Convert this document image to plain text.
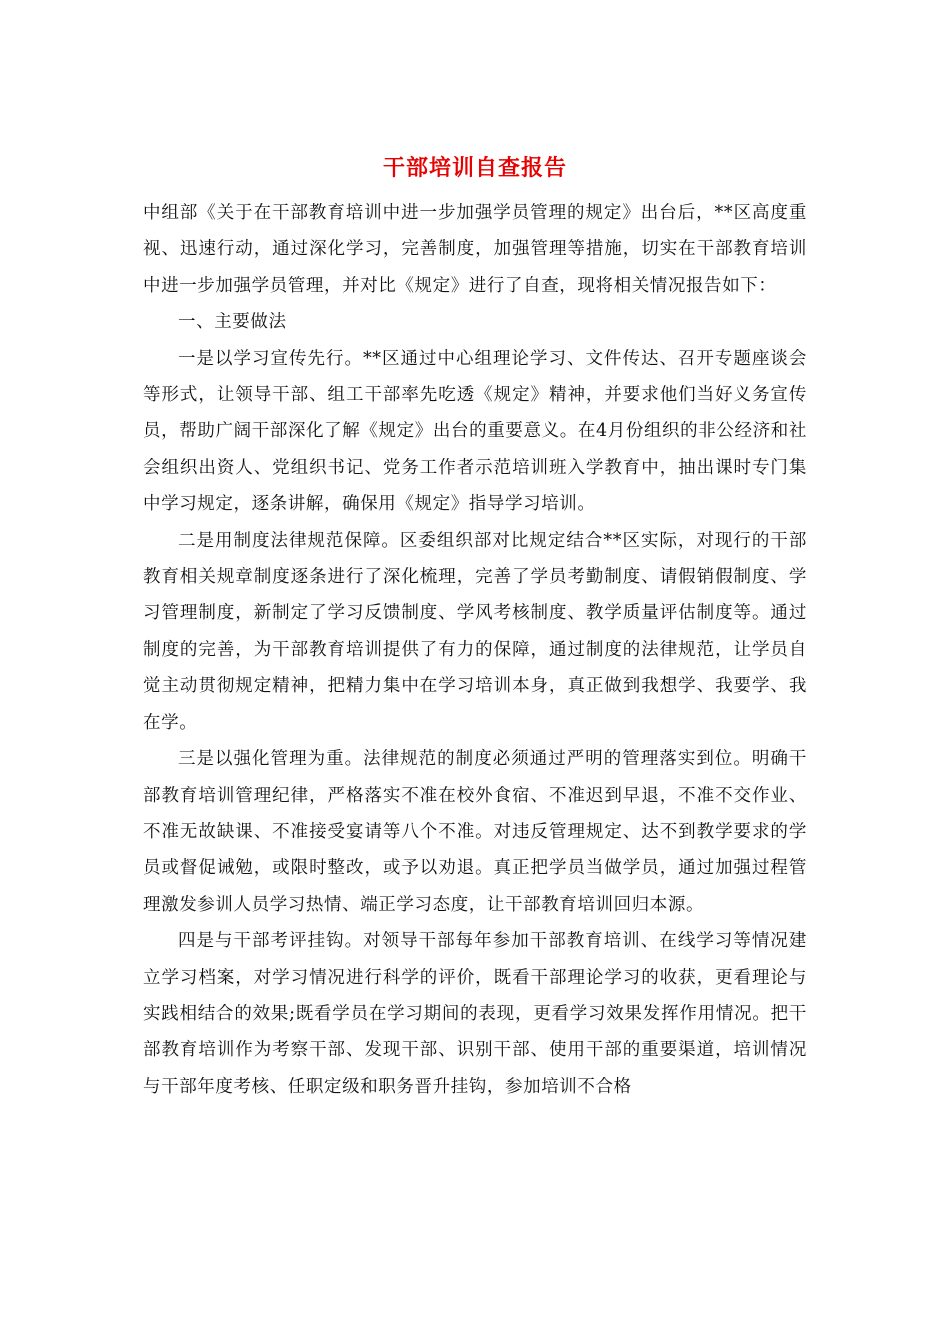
干部培训自查报告

中组部《关于在干部教育培训中进一步加强学员管理的规定》出台后，**区高度重视、迅速行动，通过深化学习，完善制度，加强管理等措施，切实在干部教育培训中进一步加强学员管理，并对比《规定》进行了自查，现将相关情况报告如下：

一、主要做法

一是以学习宣传先行。**区通过中心组理论学习、文件传达、召开专题座谈会等形式，让领导干部、组工干部率先吃透《规定》精神，并要求他们当好义务宣传员，帮助广阔干部深化了解《规定》出台的重要意义。在4月份组织的非公经济和社会组织出资人、党组织书记、党务工作者示范培训班入学教育中，抽出课时专门集中学习规定，逐条讲解，确保用《规定》指导学习培训。

二是用制度法律规范保障。区委组织部对比规定结合**区实际，对现行的干部教育相关规章制度逐条进行了深化梳理，完善了学员考勤制度、请假销假制度、学习管理制度，新制定了学习反馈制度、学风考核制度、教学质量评估制度等。通过制度的完善，为干部教育培训提供了有力的保障，通过制度的法律规范，让学员自觉主动贯彻规定精神，把精力集中在学习培训本身，真正做到我想学、我要学、我在学。

三是以强化管理为重。法律规范的制度必须通过严明的管理落实到位。明确干部教育培训管理纪律，严格落实不准在校外食宿、不准迟到早退，不准不交作业、不准无故缺课、不准接受宴请等八个不准。对违反管理规定、达不到教学要求的学员或督促诫勉，或限时整改，或予以劝退。真正把学员当做学员，通过加强过程管理激发参训人员学习热情、端正学习态度，让干部教育培训回归本源。

四是与干部考评挂钩。对领导干部每年参加干部教育培训、在线学习等情况建立学习档案，对学习情况进行科学的评价，既看干部理论学习的收获，更看理论与实践相结合的效果;既看学员在学习期间的表现，更看学习效果发挥作用情况。把干部教育培训作为考察干部、发现干部、识别干部、使用干部的重要渠道，培训情况与干部年度考核、任职定级和职务晋升挂钩，参加培训不合格
